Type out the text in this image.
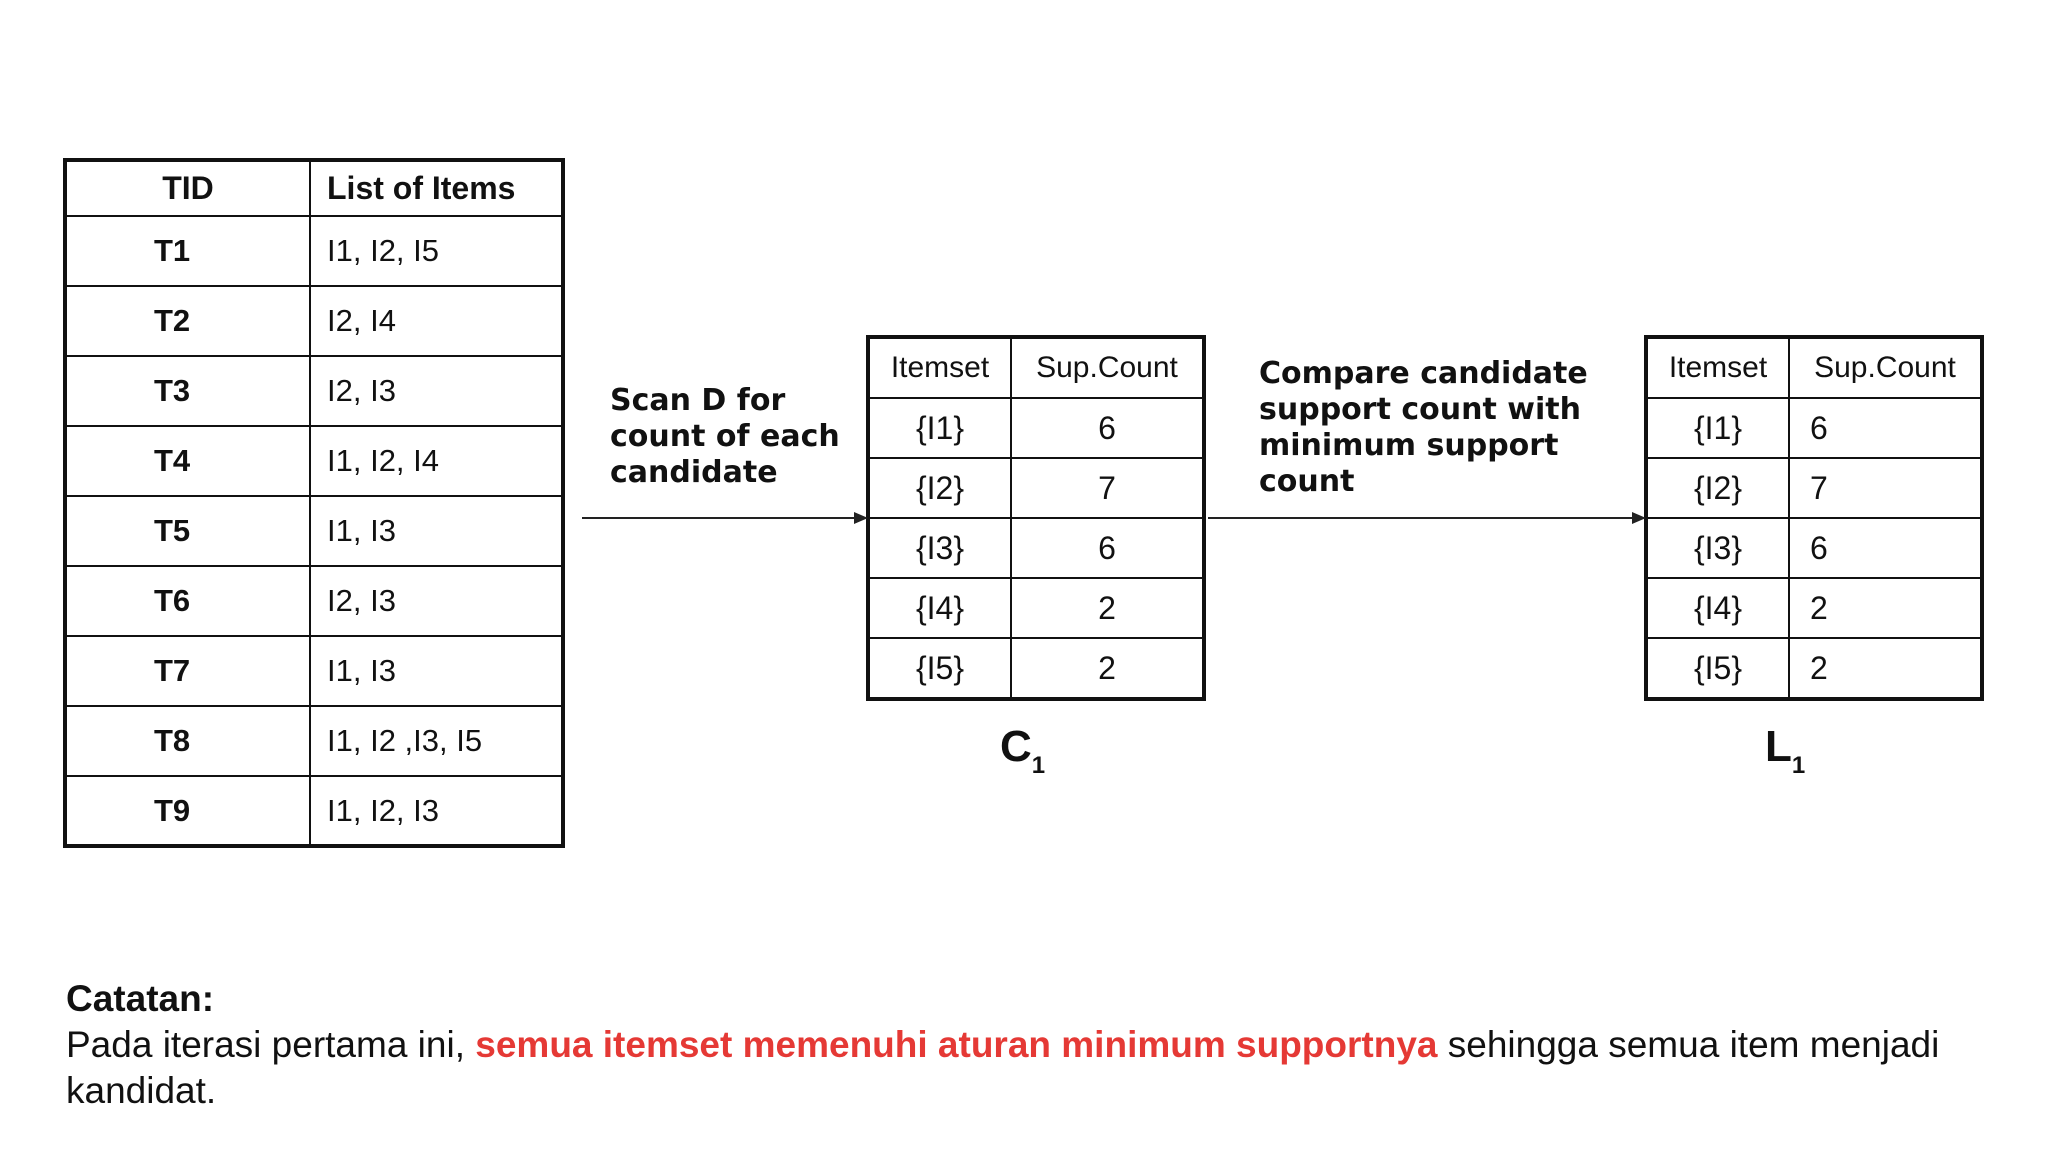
TID	List of Items
T1	I1, I2, I5
T2	I2, I4
T3	I2, I3
T4	I1, I2, I4
T5	I1, I3
T6	I2, I3
T7	I1, I3
T8	I1, I2 ,I3, I5
T9	I1, I2, I3
Scan D for
count of each
candidate
Itemset	Sup.Count
{I1}	6
{I2}	7
{I3}	6
{I4}	2
{I5}	2
$C_1$
Compare candidate
support count with
minimum support
count
Itemset	Sup.Count
{I1}	6
{I2}	7
{I3}	6
{I4}	2
{I5}	2
$L_1$
Catatan:
Pada iterasi pertama ini, semua itemset memenuhi aturan minimum supportnya sehingga semua item menjadi kandidat.
